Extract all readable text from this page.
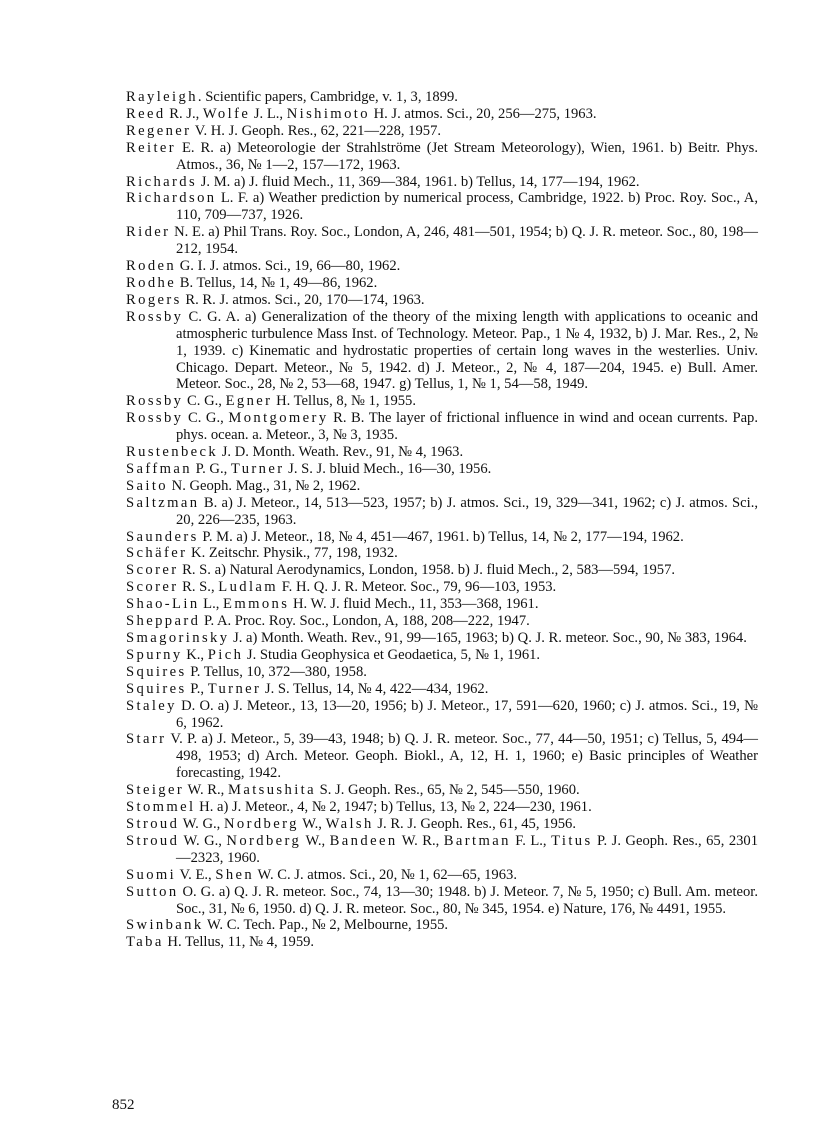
Rayleigh. Scientific papers, Cambridge, v. 1, 3, 1899.
Reed R. J., Wolfe J. L., Nishimoto H. J. atmos. Sci., 20, 256—275, 1963.
Regener V. H. J. Geoph. Res., 62, 221—228, 1957.
Reiter E. R. a) Meteorologie der Strahlströme (Jet Stream Meteorology), Wien, 1961. b) Beitr. Phys. Atmos., 36, № 1—2, 157—172, 1963.
Richards J. M. a) J. fluid Mech., 11, 369—384, 1961. b) Tellus, 14, 177—194, 1962.
Richardson L. F. a) Weather prediction by numerical process, Cambridge, 1922. b) Proc. Roy. Soc., A, 110, 709—737, 1926.
Rider N. E. a) Phil Trans. Roy. Soc., London, A, 246, 481—501, 1954; b) Q. J. R. meteor. Soc., 80, 198—212, 1954.
Roden G. I. J. atmos. Sci., 19, 66—80, 1962.
Rodhe B. Tellus, 14, № 1, 49—86, 1962.
Rogers R. R. J. atmos. Sci., 20, 170—174, 1963.
Rossby C. G. A. a) Generalization of the theory of the mixing length with applications to oceanic and atmospheric turbulence Mass Inst. of Technology. Meteor. Pap., 1 № 4, 1932, b) J. Mar. Res., 2, № 1, 1939. c) Kinematic and hydrostatic properties of certain long waves in the westerlies. Univ. Chicago. Depart. Meteor., № 5, 1942. d) J. Meteor., 2, № 4, 187—204, 1945. e) Bull. Amer. Meteor. Soc., 28, № 2, 53—68, 1947. g) Tellus, 1, № 1, 54—58, 1949.
Rossby C. G., Egner H. Tellus, 8, № 1, 1955.
Rossby C. G., Montgomery R. B. The layer of frictional influence in wind and ocean currents. Pap. phys. ocean. a. Meteor., 3, № 3, 1935.
Rustenbeck J. D. Month. Weath. Rev., 91, № 4, 1963.
Saffman P. G., Turner J. S. J. bluid Mech., 16—30, 1956.
Saito N. Geoph. Mag., 31, № 2, 1962.
Saltzman B. a) J. Meteor., 14, 513—523, 1957; b) J. atmos. Sci., 19, 329—341, 1962; c) J. atmos. Sci., 20, 226—235, 1963.
Saunders P. M. a) J. Meteor., 18, № 4, 451—467, 1961. b) Tellus, 14, № 2, 177—194, 1962.
Schäfer K. Zeitschr. Physik., 77, 198, 1932.
Scorer R. S. a) Natural Aerodynamics, London, 1958. b) J. fluid Mech., 2, 583—594, 1957.
Scorer R. S., Ludlam F. H. Q. J. R. Meteor. Soc., 79, 96—103, 1953.
Shao-Lin L., Emmons H. W. J. fluid Mech., 11, 353—368, 1961.
Sheppard P. A. Proc. Roy. Soc., London, A, 188, 208—222, 1947.
Smagorinsky J. a) Month. Weath. Rev., 91, 99—165, 1963; b) Q. J. R. meteor. Soc., 90, № 383, 1964.
Spurny K., Pich J. Studia Geophysica et Geodaetica, 5, № 1, 1961.
Squires P. Tellus, 10, 372—380, 1958.
Squires P., Turner J. S. Tellus, 14, № 4, 422—434, 1962.
Staley D. O. a) J. Meteor., 13, 13—20, 1956; b) J. Meteor., 17, 591—620, 1960; c) J. atmos. Sci., 19, № 6, 1962.
Starr V. P. a) J. Meteor., 5, 39—43, 1948; b) Q. J. R. meteor. Soc., 77, 44—50, 1951; c) Tellus, 5, 494—498, 1953; d) Arch. Meteor. Geoph. Biokl., A, 12, H. 1, 1960; e) Basic principles of Weather forecasting, 1942.
Steiger W. R., Matsushita S. J. Geoph. Res., 65, № 2, 545—550, 1960.
Stommel H. a) J. Meteor., 4, № 2, 1947; b) Tellus, 13, № 2, 224—230, 1961.
Stroud W. G., Nordberg W., Walsh J. R. J. Geoph. Res., 61, 45, 1956.
Stroud W. G., Nordberg W., Bandeen W. R., Bartman F. L., Titus P. J. Geoph. Res., 65, 2301—2323, 1960.
Suomi V. E., Shen W. C. J. atmos. Sci., 20, № 1, 62—65, 1963.
Sutton O. G. a) Q. J. R. meteor. Soc., 74, 13—30; 1948. b) J. Meteor. 7, № 5, 1950; c) Bull. Am. meteor. Soc., 31, № 6, 1950. d) Q. J. R. meteor. Soc., 80, № 345, 1954. e) Nature, 176, № 4491, 1955.
Swinbank W. C. Tech. Pap., № 2, Melbourne, 1955.
Taba H. Tellus, 11, № 4, 1959.
852
